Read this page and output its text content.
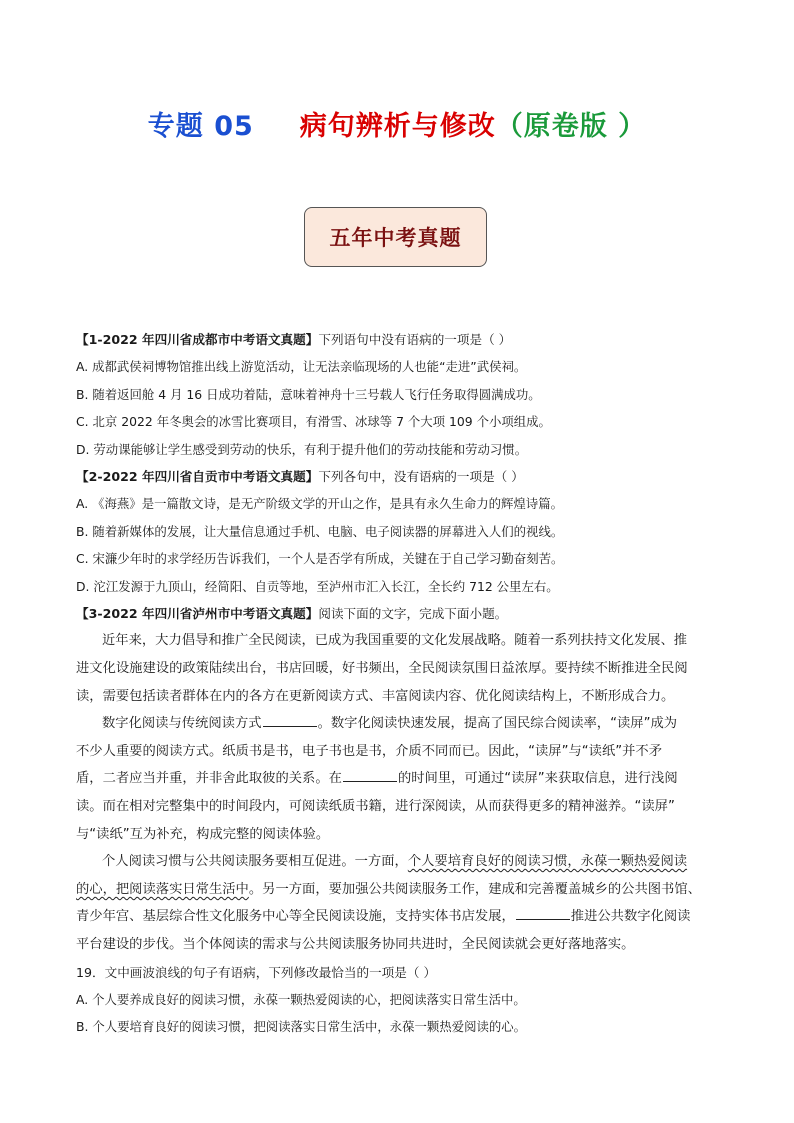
专题 05 病句辨析与修改（原卷版 ）
五年中考真题
【1-2022 年四川省成都市中考语文真题】下列语句中没有语病的一项是（ ）
A. 成都武侯祠博物馆推出线上游览活动，让无法亲临现场的人也能“走进”武侯祠。
B. 随着返回舱 4 月 16 日成功着陆，意味着神舟十三号载人飞行任务取得圆满成功。
C. 北京 2022 年冬奥会的冰雪比赛项目，有滑雪、冰球等 7 个大项 109 个小项组成。
D. 劳动课能够让学生感受到劳动的快乐，有利于提升他们的劳动技能和劳动习惯。
【2-2022 年四川省自贡市中考语文真题】下列各句中，没有语病的一项是（ ）
A. 《海燕》是一篇散文诗，是无产阶级文学的开山之作，是具有永久生命力的辉煌诗篇。
B. 随着新媒体的发展，让大量信息通过手机、电脑、电子阅读器的屏幕进入人们的视线。
C. 宋濂少年时的求学经历告诉我们，一个人是否学有所成，关键在于自己学习勤奋刻苦。
D. 沱江发源于九顶山，经简阳、自贡等地，至泸州市汇入长江，全长约 712 公里左右。
【3-2022 年四川省泸州市中考语文真题】阅读下面的文字，完成下面小题。
近年来，大力倡导和推广全民阅读，已成为我国重要的文化发展战略。随着一系列扶持文化发展、推
进文化设施建设的政策陆续出台，书店回暖，好书频出，全民阅读氛围日益浓厚。要持续不断推进全民阅
读，需要包括读者群体在内的各方在更新阅读方式、丰富阅读内容、优化阅读结构上，不断形成合力。
数字化阅读与传统阅读方式	。数字化阅读快速发展，提高了国民综合阅读率，“读屏”成为
不少人重要的阅读方式。纸质书是书，电子书也是书，介质不同而已。因此，“读屏”与“读纸”并不矛
盾，二者应当并重，并非舍此取彼的关系。在	的时间里，可通过“读屏”来获取信息，进行浅阅
读。而在相对完整集中的时间段内，可阅读纸质书籍，进行深阅读，从而获得更多的精神滋养。“读屏”
与“读纸”互为补充，构成完整的阅读体验。
个人阅读习惯与公共阅读服务要相互促进。一方面，个人要培育良好的阅读习惯，永葆一颗热爱阅读
的心，把阅读落实日常生活中。另一方面，要加强公共阅读服务工作，建成和完善覆盖城乡的公共图书馆、
青少年宫、基层综合性文化服务中心等全民阅读设施，支持实体书店发展，	推进公共数字化阅读
平台建设的步伐。当个体阅读的需求与公共阅读服务协同共进时，全民阅读就会更好落地落实。
19．文中画波浪线的句子有语病，下列修改最恰当的一项是（ ）
A. 个人要养成良好的阅读习惯，永葆一颗热爱阅读的心，把阅读落实日常生活中。
B. 个人要培育良好的阅读习惯，把阅读落实日常生活中，永葆一颗热爱阅读的心。
